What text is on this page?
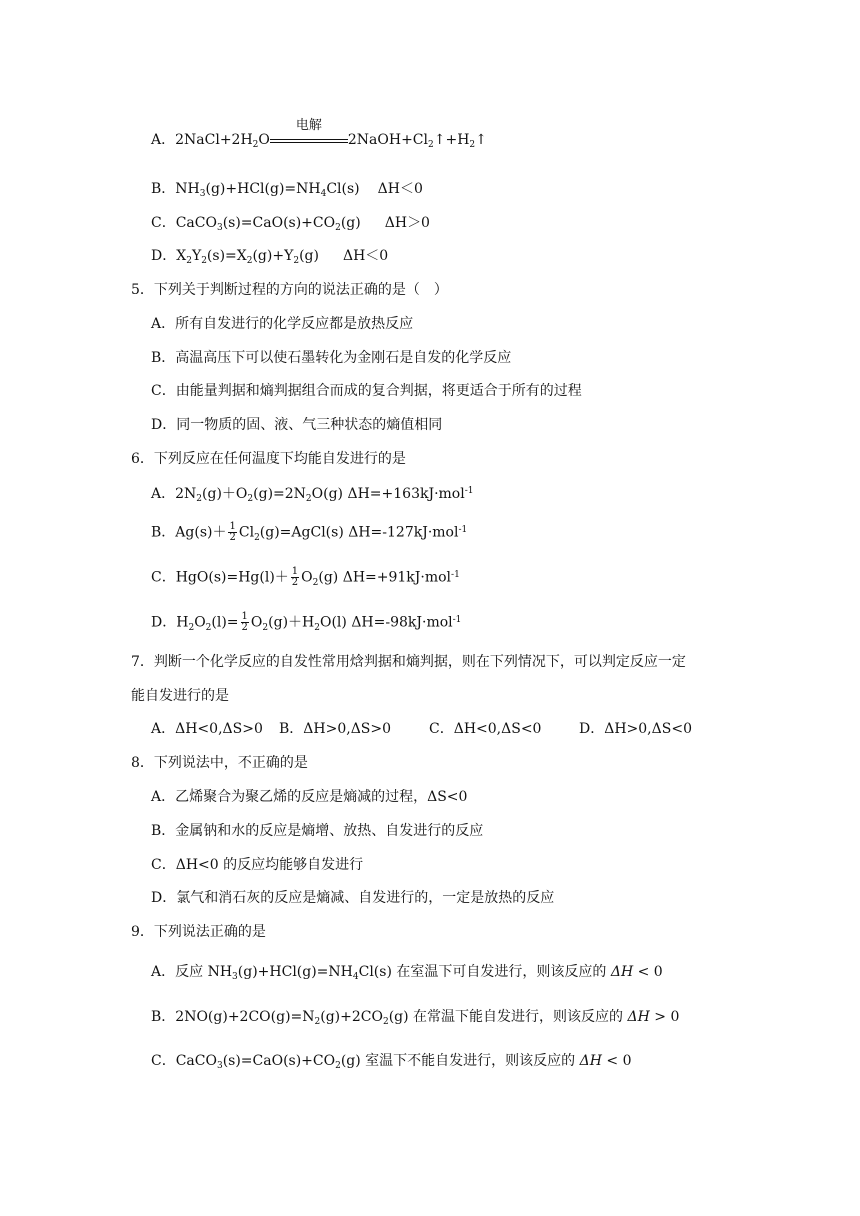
A．$2NaCl+2H_2O$
电解
$2NaOH+Cl_2↑+H_2↑$
B．$NH_3(g)+HCl(g)=NH_4Cl(s)$ ΔH＜0
C．$CaCO_3(s)=CaO(s)+CO_2(g)$ ΔH＞0
D．$X_2Y_2(s)=X_2(g)+Y_2(g)$ ΔH＜0
5．下列关于判断过程的方向的说法正确的是（　）
A．所有自发进行的化学反应都是放热反应
B．高温高压下可以使石墨转化为金刚石是自发的化学反应
C．由能量判据和熵判据组合而成的复合判据，将更适合于所有的过程
D．同一物质的固、液、气三种状态的熵值相同
6．下列反应在任何温度下均能自发进行的是
A．$2N_2(g)+O_2(g)=2N_2O(g)$ ΔH=+163kJ·mol$^{-1}$
B．$Ag(s)+ \frac{1}{2}$ $Cl_2(g)=AgCl(s)$ ΔH=-127kJ·mol$^{-1}$
C．$HgO(s)=Hg(l)+ \frac{1}{2} O_2(g)$ ΔH=+91kJ·mol$^{-1}$
D．$H_2O_2(l)= \frac{1}{2} O_2(g)+H_2O(l)$ ΔH=-98kJ·mol$^{-1}$
7．判断一个化学反应的自发性常用焓判据和熵判据，则在下列情况下，可以判定反应一定
能自发进行的是
A．ΔH<0,ΔS>0 B．ΔH>0,ΔS>0	C．ΔH<0,ΔS<0	D．ΔH>0,ΔS<0
8．下列说法中，不正确的是
A．乙烯聚合为聚乙烯的反应是熵减的过程，ΔS<0
B．金属钠和水的反应是熵增、放热、自发进行的反应
C．ΔH<0 的反应均能够自发进行
D．氯气和消石灰的反应是熵减、自发进行的，一定是放热的反应
9．下列说法正确的是
A．反应 $NH_3(g)+HCl(g)=NH_4Cl(s)$ 在室温下可自发进行，则该反应的 ΔH < 0
B．$2NO(g)+2CO(g)=N_2(g)+2CO_2(g)$ 在常温下能自发进行，则该反应的 ΔH > 0
C．$CaCO_3(s)=CaO(s)+CO_2(g)$ 室温下不能自发进行，则该反应的 ΔH < 0
